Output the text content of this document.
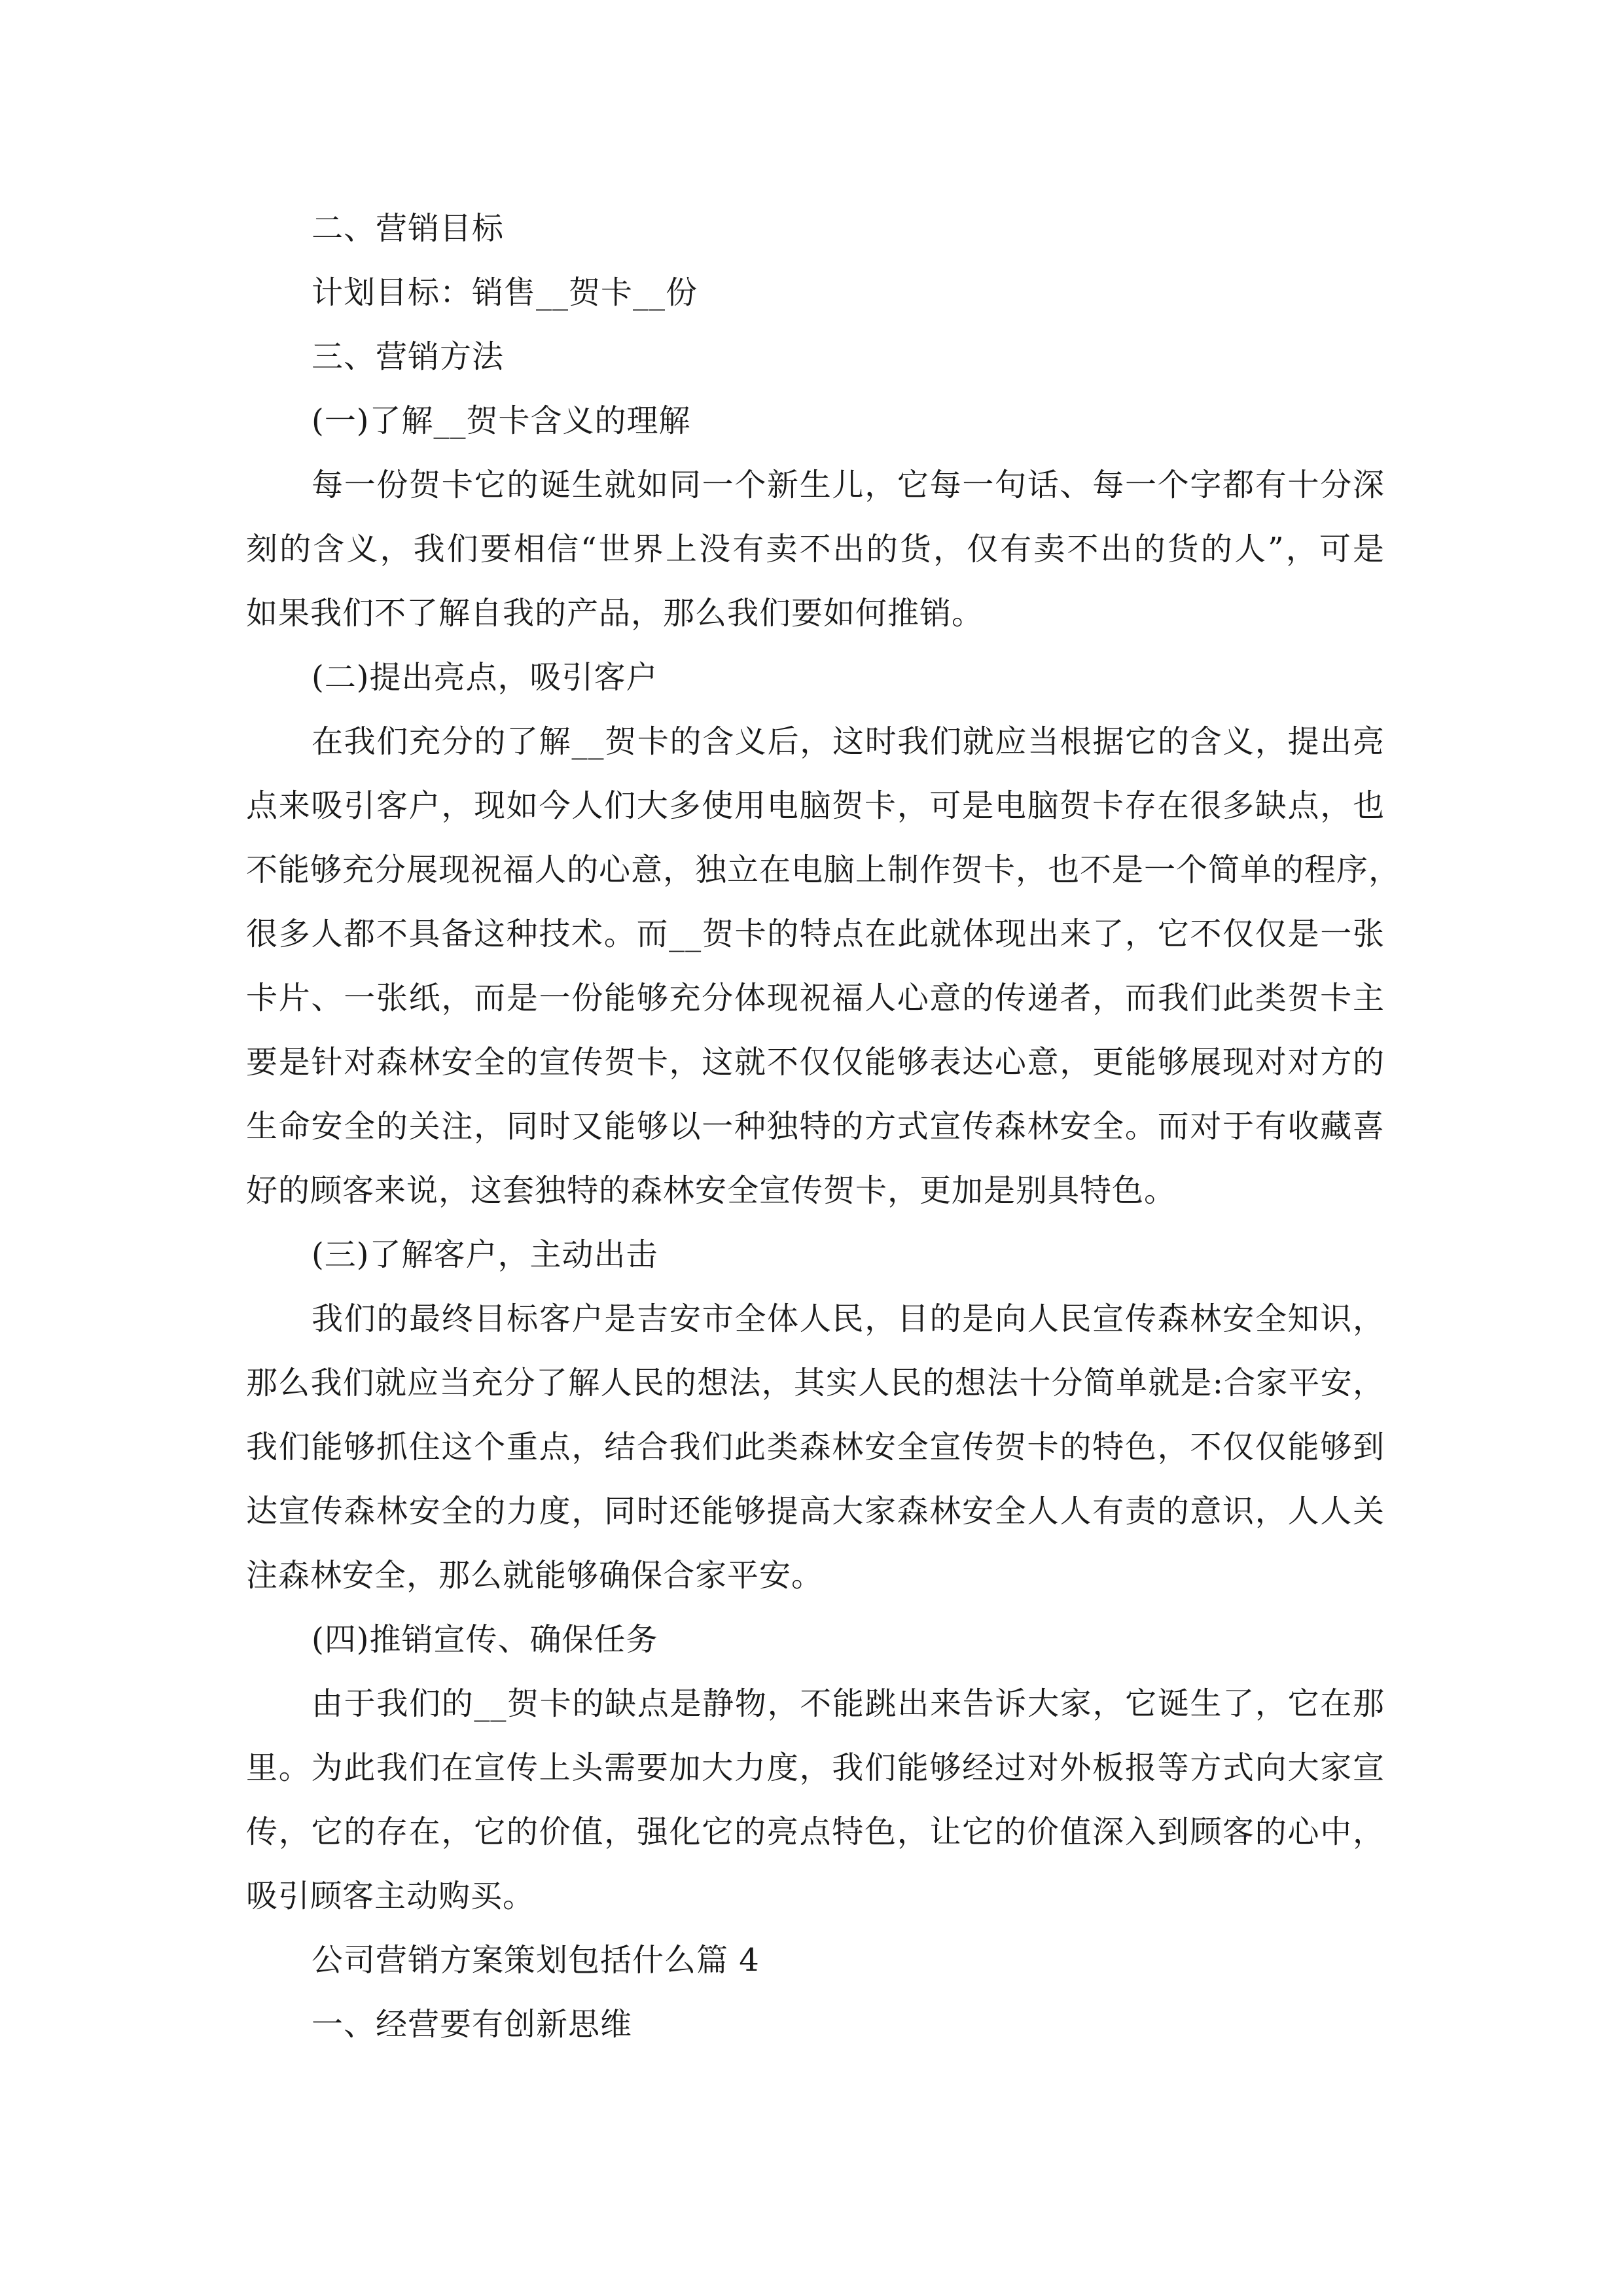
二、营销目标
计划目标：销售__贺卡__份
三、营销方法
(一)了解__贺卡含义的理解
每一份贺卡它的诞生就如同一个新生儿，它每一句话、每一个字都有十分深
刻的含义，我们要相信“世界上没有卖不出的货，仅有卖不出的货的人”，可是
如果我们不了解自我的产品，那么我们要如何推销。
(二)提出亮点，吸引客户
在我们充分的了解__贺卡的含义后，这时我们就应当根据它的含义，提出亮
点来吸引客户，现如今人们大多使用电脑贺卡，可是电脑贺卡存在很多缺点，也
不能够充分展现祝福人的心意，独立在电脑上制作贺卡，也不是一个简单的程序，
很多人都不具备这种技术。而__贺卡的特点在此就体现出来了，它不仅仅是一张
卡片、一张纸，而是一份能够充分体现祝福人心意的传递者，而我们此类贺卡主
要是针对森林安全的宣传贺卡，这就不仅仅能够表达心意，更能够展现对对方的
生命安全的关注，同时又能够以一种独特的方式宣传森林安全。而对于有收藏喜
好的顾客来说，这套独特的森林安全宣传贺卡，更加是别具特色。
(三)了解客户，主动出击
我们的最终目标客户是吉安市全体人民，目的是向人民宣传森林安全知识，
那么我们就应当充分了解人民的想法，其实人民的想法十分简单就是:合家平安，
我们能够抓住这个重点，结合我们此类森林安全宣传贺卡的特色，不仅仅能够到
达宣传森林安全的力度，同时还能够提高大家森林安全人人有责的意识，人人关
注森林安全，那么就能够确保合家平安。
(四)推销宣传、确保任务
由于我们的__贺卡的缺点是静物，不能跳出来告诉大家，它诞生了，它在那
里。为此我们在宣传上头需要加大力度，我们能够经过对外板报等方式向大家宣
传，它的存在，它的价值，强化它的亮点特色，让它的价值深入到顾客的心中，
吸引顾客主动购买。
公司营销方案策划包括什么篇 4
一、经营要有创新思维
